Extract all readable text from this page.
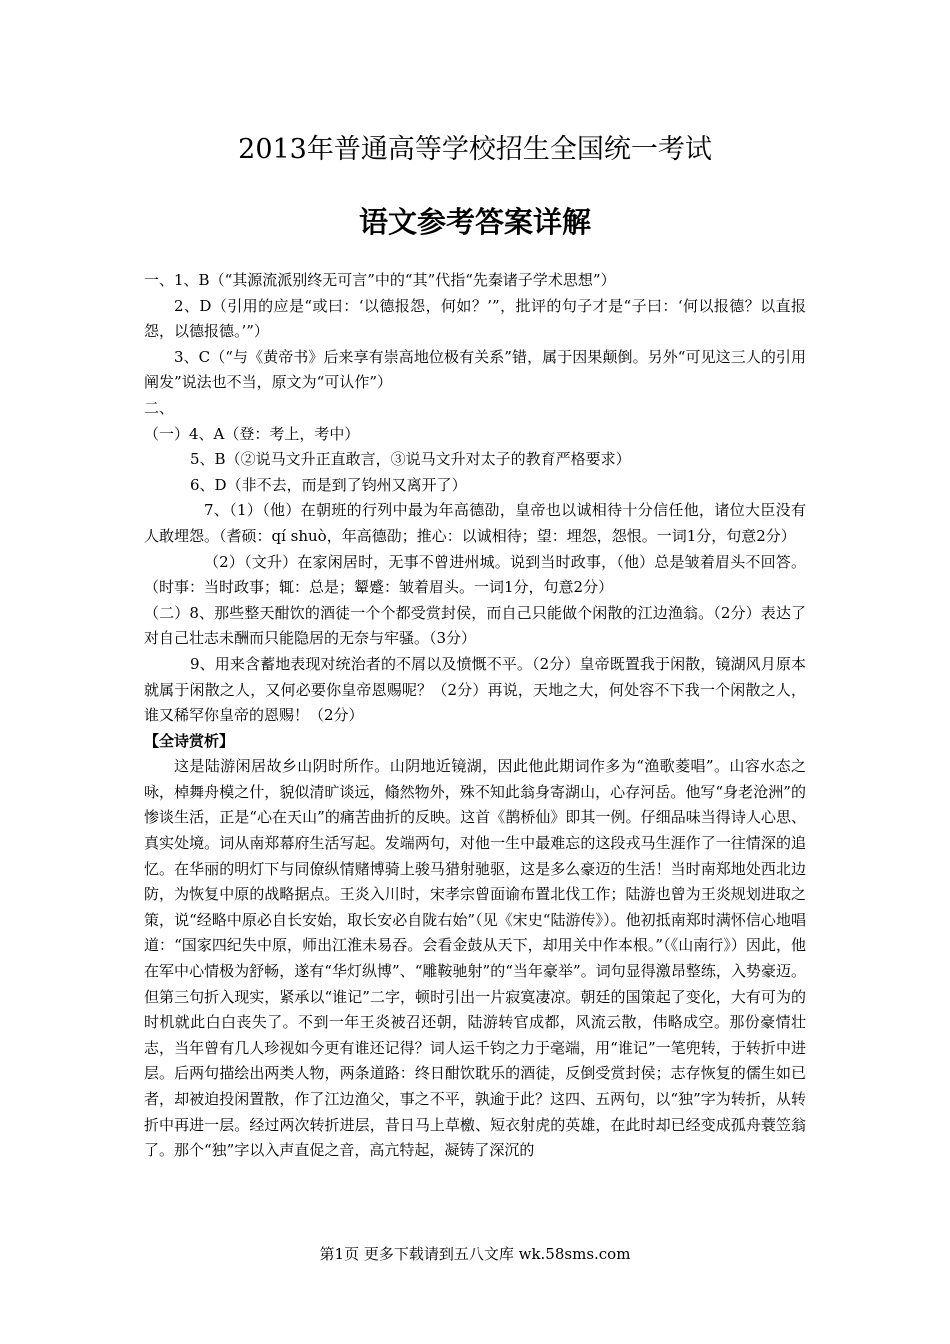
2013年普通高等学校招生全国统一考试
语文参考答案详解

一、1、B（“其源流派别终无可言”中的“其”代指“先秦诸子学术思想”）

2、D（引用的应是“或曰：‘以德报怨，何如？’”，批评的句子才是“子曰：‘何以报德？以直报怨，以德报德。’”）

3、C（“与《黄帝书》后来享有崇高地位极有关系”错，属于因果颠倒。另外“可见这三人的引用阐发”说法也不当，原文为“可认作”）

二、

（一）4、A（登：考上，考中）

5、B（②说马文升正直敢言，③说马文升对太子的教育严格要求）

6、D（非不去，而是到了钧州又离开了）

7、（1）（他）在朝班的行列中最为年高德劭，皇帝也以诚相待十分信任他，诸位大臣没有人敢埋怨。（耆硕：qí shuò，年高德劭；推心：以诚相待；望：埋怨，怨恨。一词1分，句意2分）

（2）（文升）在家闲居时，无事不曾进州城。说到当时政事，（他）总是皱着眉头不回答。（时事：当时政事；辄：总是；颦蹙：皱着眉头。一词1分，句意2分）

（二）8、那些整天酣饮的酒徒一个个都受赏封侯，而自己只能做个闲散的江边渔翁。（2分）表达了对自己壮志未酬而只能隐居的无奈与牢骚。（3分）

9、用来含蓄地表现对统治者的不屑以及愤慨不平。（2分）皇帝既置我于闲散，镜湖风月原本就属于闲散之人，又何必要你皇帝恩赐呢？（2分）再说，天地之大，何处容不下我一个闲散之人，谁又稀罕你皇帝的恩赐！（2分）

【全诗赏析】

这是陆游闲居故乡山阴时所作。山阴地近镜湖，因此他此期词作多为“渔歌菱唱”。山容水态之咏，棹舞舟模之什，貌似清旷谈远，翛然物外，殊不知此翁身寄湖山，心存河岳。他写“身老沧洲”的惨谈生活，正是“心在天山”的痛苦曲折的反映。这首《鹊桥仙》即其一例。仔细品味当得诗人心思、真实处境。词从南郑幕府生活写起。发端两句，对他一生中最难忘的这段戎马生涯作了一往情深的追忆。在华丽的明灯下与同僚纵情赌博骑上骏马猎射驰驱，这是多么豪迈的生活！当时南郑地处西北边防，为恢复中原的战略据点。王炎入川时，宋孝宗曾面谕布置北伐工作；陆游也曾为王炎规划进取之策，说“经略中原必自长安始，取长安必自陇右始”（见《宋史“陆游传》）。他初抵南郑时满怀信心地唱道：“国家四纪失中原，师出江淮未易吞。会看金鼓从天下，却用关中作本根。”（《山南行》）因此，他在军中心情极为舒畅，遂有“华灯纵博”、“雕鞍驰射”的“当年豪举”。词句显得激昂整练，入势豪迈。但第三句折入现实，紧承以“谁记”二字，顿时引出一片寂寞凄凉。朝廷的国策起了变化，大有可为的时机就此白白丧失了。不到一年王炎被召还朝，陆游转官成都，风流云散，伟略成空。那份豪情壮志，当年曾有几人珍视如今更有谁还记得？词人运千钧之力于毫端，用“谁记”一笔兜转，于转折中进层。后两句描绘出两类人物，两条道路：终日酣饮耽乐的酒徒，反倒受赏封侯；志存恢复的儒生如已者，却被迫投闲置散，作了江边渔父，事之不平，孰逾于此？这四、五两句，以“独”字为转折，从转折中再进一层。经过两次转折进层，昔日马上草檄、短衣射虎的英雄，在此时却已经变成孤舟蓑笠翁了。那个“独”字以入声直促之音，高亢特起，凝铸了深沉的

第1页 更多下载请到五八文库 wk.58sms.com
